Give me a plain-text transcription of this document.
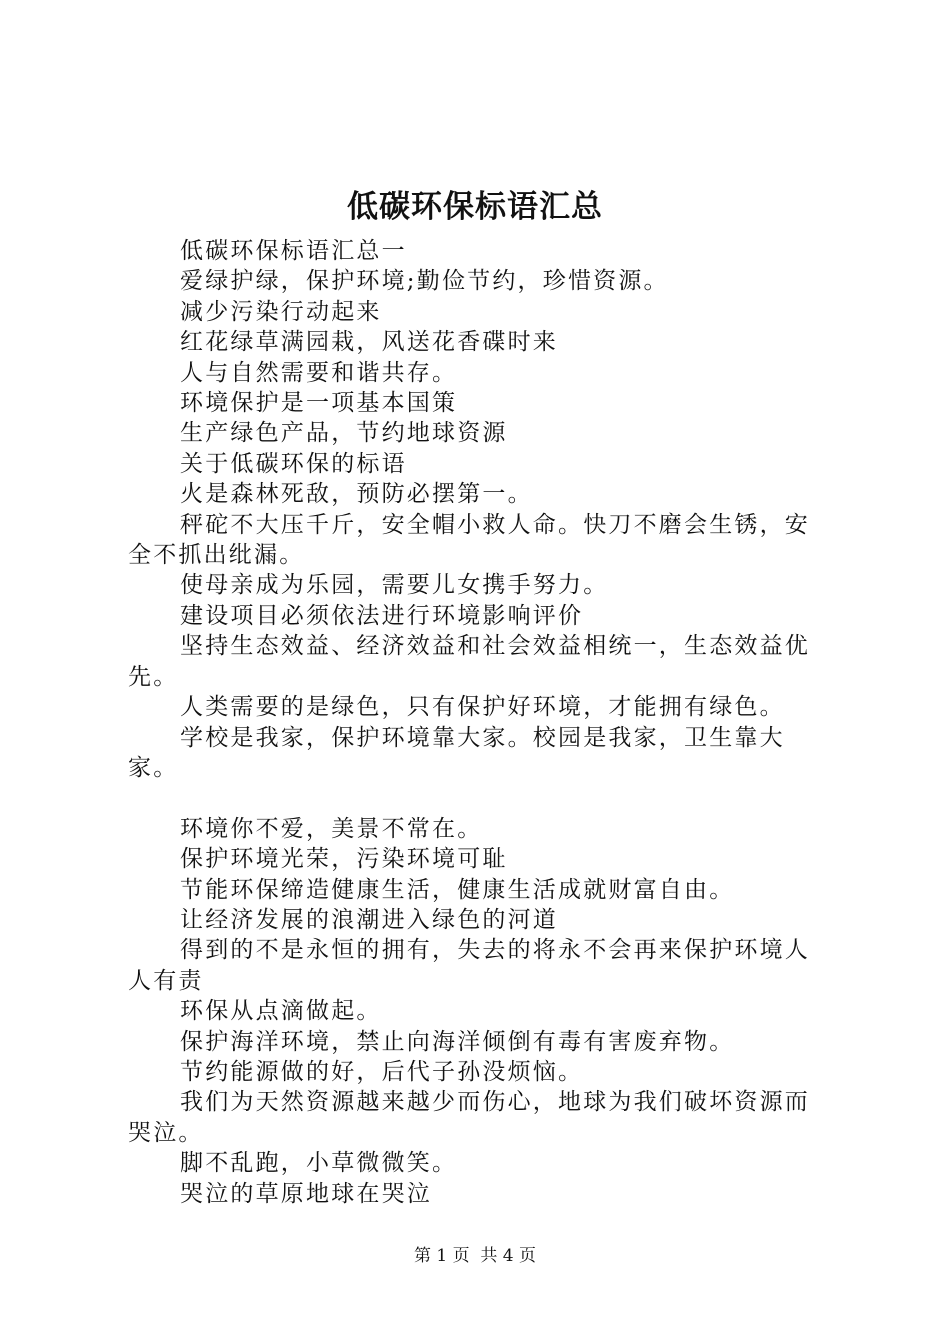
低碳环保标语汇总

低碳环保标语汇总一

爱绿护绿，保护环境;勤俭节约，珍惜资源。

减少污染行动起来

红花绿草满园栽，风送花香碟时来

人与自然需要和谐共存。

环境保护是一项基本国策

生产绿色产品，节约地球资源

关于低碳环保的标语

火是森林死敌，预防必摆第一。

秤砣不大压千斤，安全帽小救人命。快刀不磨会生锈，安全不抓出纰漏。

使母亲成为乐园，需要儿女携手努力。

建设项目必须依法进行环境影响评价

坚持生态效益、经济效益和社会效益相统一，生态效益优先。

人类需要的是绿色，只有保护好环境，才能拥有绿色。

学校是我家，保护环境靠大家。校园是我家，卫生靠大家。

环境你不爱，美景不常在。

保护环境光荣，污染环境可耻

节能环保缔造健康生活，健康生活成就财富自由。

让经济发展的浪潮进入绿色的河道

得到的不是永恒的拥有，失去的将永不会再来保护环境人人有责

环保从点滴做起。

保护海洋环境，禁止向海洋倾倒有毒有害废弃物。

节约能源做的好，后代子孙没烦恼。

我们为天然资源越来越少而伤心，地球为我们破坏资源而哭泣。

脚不乱跑，小草微微笑。

哭泣的草原地球在哭泣

第 1 页 共 4 页
